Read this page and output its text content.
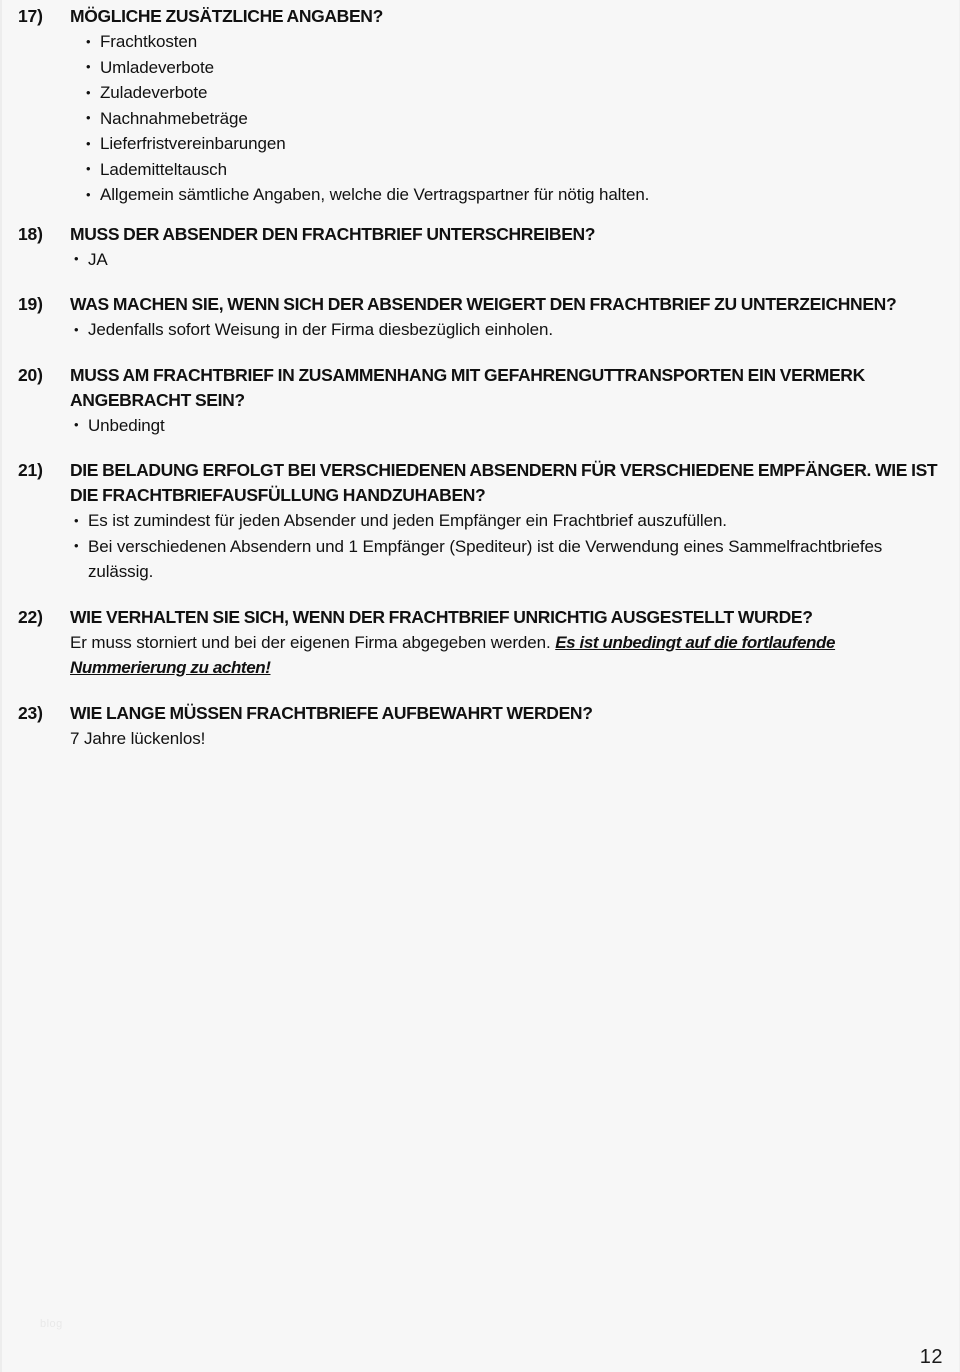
17)	MÖGLICHE ZUSÄTZLICHE ANGABEN?

• Frachtkosten
• Umladeverbote
• Zuladeverbote
• Nachnahmebeträge
• Lieferfristvereinbarungen
• Lademitteltausch
• Allgemein sämtliche Angaben, welche die Vertragspartner für nötig halten.
18)	MUSS DER ABSENDER DEN FRACHTBRIEF UNTERSCHREIBEN?

• JA
19)	WAS MACHEN SIE, WENN SICH DER ABSENDER WEIGERT DEN FRACHTBRIEF ZU UNTERZEICHNEN?

• Jedenfalls sofort Weisung in der Firma diesbezüglich einholen.
20)	MUSS AM FRACHTBRIEF IN ZUSAMMENHANG MIT GEFAHRENGUTTRANSPORTEN EIN VERMERK ANGEBRACHT SEIN?

• Unbedingt
21)	DIE BELADUNG ERFOLGT BEI VERSCHIEDENEN ABSENDERN FÜR VERSCHIEDENE EMPFÄNGER. WIE IST DIE FRACHTBRIEFAUSFÜLLUNG HANDZUHABEN?

• Es ist zumindest für jeden Absender und jeden Empfänger ein Frachtbrief auszufüllen.
• Bei verschiedenen Absendern und 1 Empfänger (Spediteur) ist die Verwendung eines Sammelfrachtbriefes zulässig.
22)	WIE VERHALTEN SIE SICH, WENN DER FRACHTBRIEF UNRICHTIG AUSGESTELLT WURDE?

Er muss storniert und bei der eigenen Firma abgegeben werden. Es ist unbedingt auf die fortlaufende Nummerierung zu achten!

23)	WIE LANGE MÜSSEN FRACHTBRIEFE AUFBEWAHRT WERDEN?

7 Jahre lückenlos!

blog
12
